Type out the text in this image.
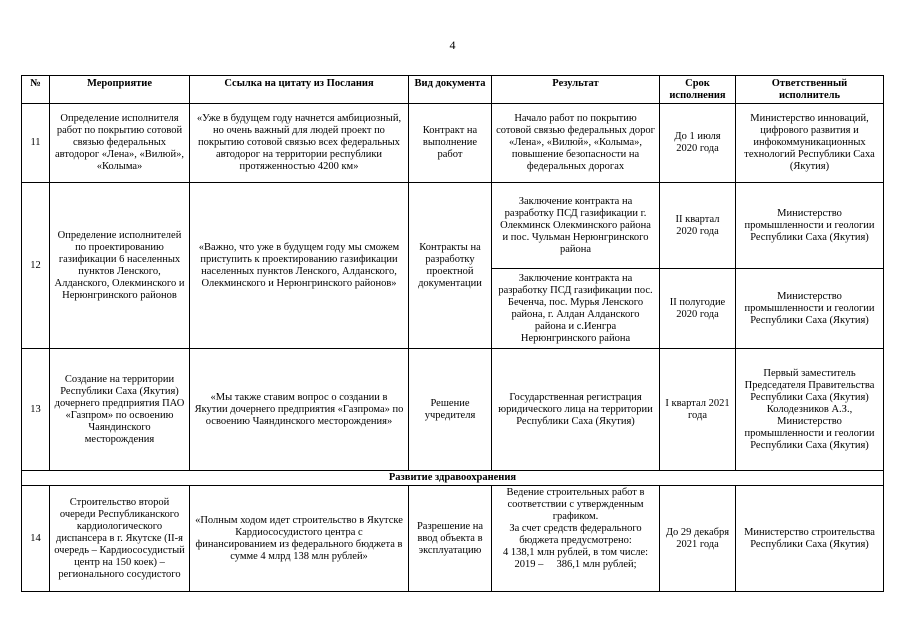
4
№	Мероприятие	Ссылка на цитату из Послания	Вид документа	Результат	Срок исполнения	Ответственный
исполнитель

11	Определение исполнителя работ по покрытию сотовой связью федеральных автодорог «Лена», «Вилюй», «Колыма»	«Уже в будущем году начнется амбициозный, но очень важный для людей проект по покрытию сотовой связью всех федеральных автодорог на территории республики протяженностью 4200 км»	Контракт на выполнение работ	Начало работ по покрытию сотовой связью федеральных дорог «Лена», «Вилюй», «Колыма», повышение безопасности на федеральных дорогах	До 1 июля 2020 года	Министерство инноваций, цифрового развития и инфокоммуникационных технологий Республики Саха (Якутия)
12	Определение исполнителей по проектированию газификации 6 населенных пунктов Ленского, Алданского, Олекминского и Нерюнгринского районов	«Важно, что уже в будущем году мы сможем приступить к проектированию газификации населенных пунктов Ленского, Алданского, Олекминского и Нерюнгринского районов»	Контракты на разработку проектной документации	Заключение контракта на разработку ПСД газификации г. Олекминск Олекминского района и пос. Чульман Нерюнгринского района	II квартал 2020 года	Министерство промышленности и геологии Республики Саха (Якутия)
				Заключение контракта на разработку ПСД газификации пос. Беченча, пос. Мурья Ленского района, г. Алдан Алданского района и с.Иенгра Нерюнгринского района	II полугодие 2020 года	Министерство промышленности и геологии Республики Саха (Якутия)
13	Создание на территории Республики Саха (Якутия) дочернего предприятия ПАО «Газпром» по освоению Чаяндинского месторождения	«Мы также ставим вопрос о создании в Якутии дочернего предприятия «Газпрома» по освоению Чаяндинского месторождения»	Решение учредителя	Государственная регистрация юридического лица на территории Республики Саха (Якутия)	I квартал 2021 года	Первый заместитель Председателя Правительства Республики Саха (Якутия) Колодезников А.З., Министерство промышленности и геологии Республики Саха (Якутия)
Развитие здравоохранения						
14	Строительство второй очереди Республиканского кардиологического диспансера в г. Якутске (II-я очередь – Кардиососудистый центр на 150 коек) – регионального сосудистого	«Полным ходом идет строительство в Якутске Кардиососудистого центра с финансированием из федерального бюджета в сумме 4 млрд 138 млн рублей»	Разрешение на ввод объекта в эксплуатацию	Ведение строительных работ в соответствии с утвержденным графиком.
За счет средств федерального бюджета предусмотрено:
4 138,1 млн рублей, в том числе:
2019 –     386,1 млн рублей;	До 29 декабря 2021 года	Министерство строительства Республики Саха (Якутия)
